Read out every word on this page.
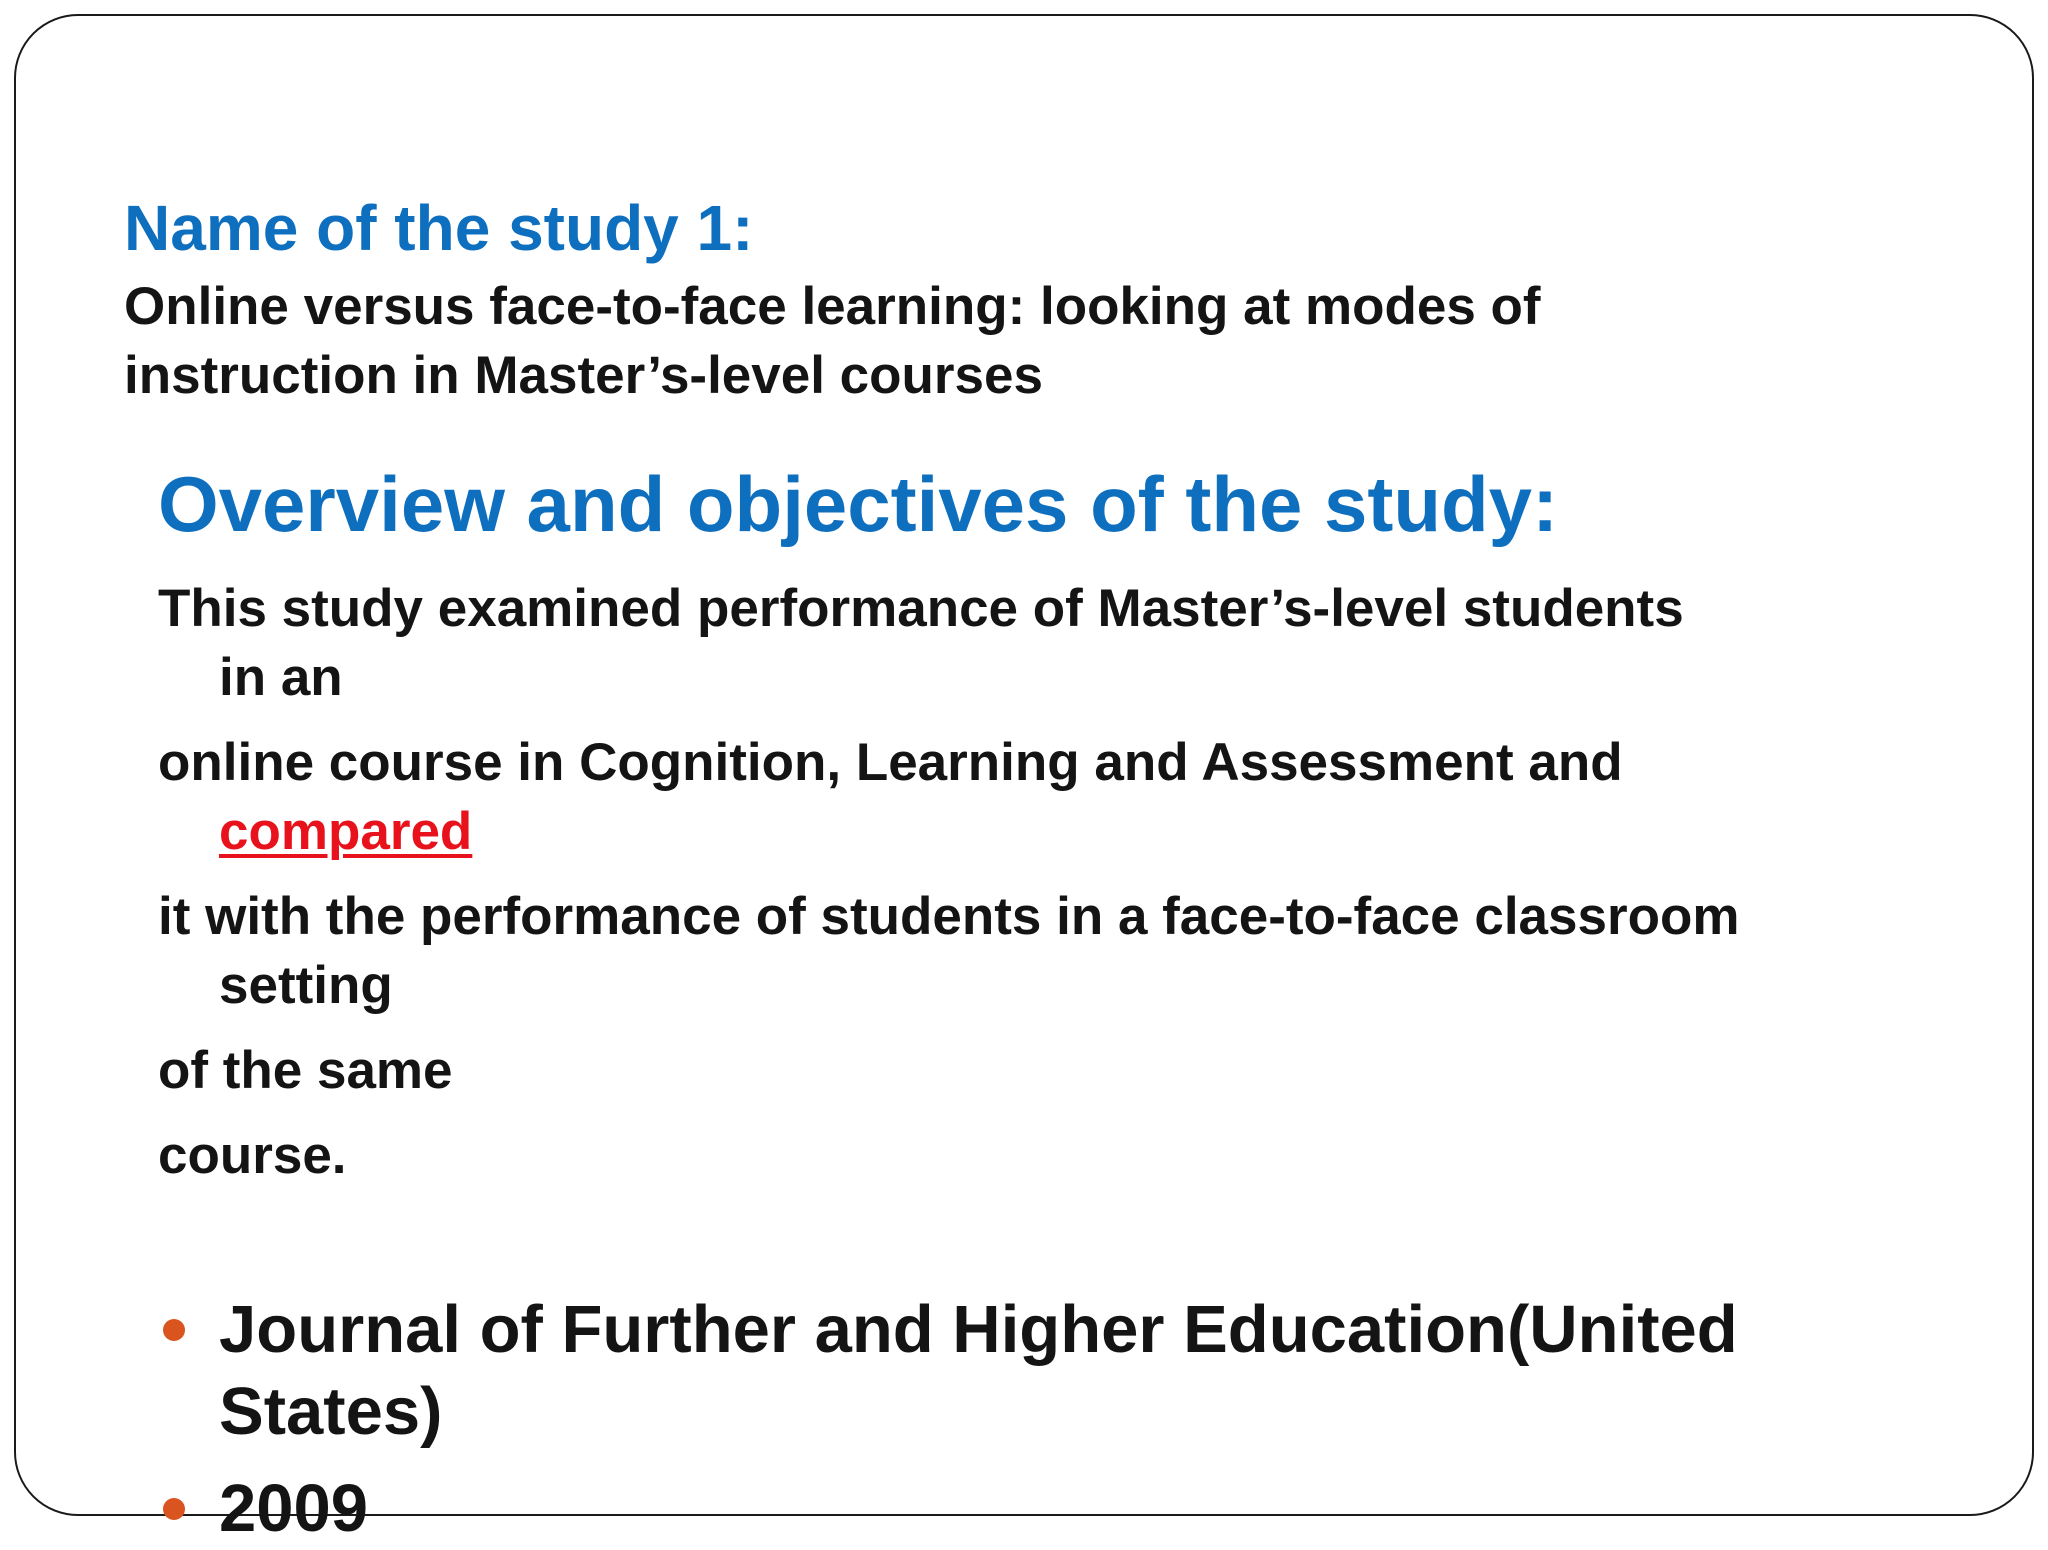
Name of the study 1:

Online versus face-to-face learning: looking at modes of
instruction in Master’s-level courses

Overview and objectives of the study:

This study examined performance of Master’s-level students
in an

online course in Cognition, Learning and Assessment and
compared

it with the performance of students in a face-to-face classroom
setting

of the same

course.

Journal of Further and Higher Education(United
States)
2009
